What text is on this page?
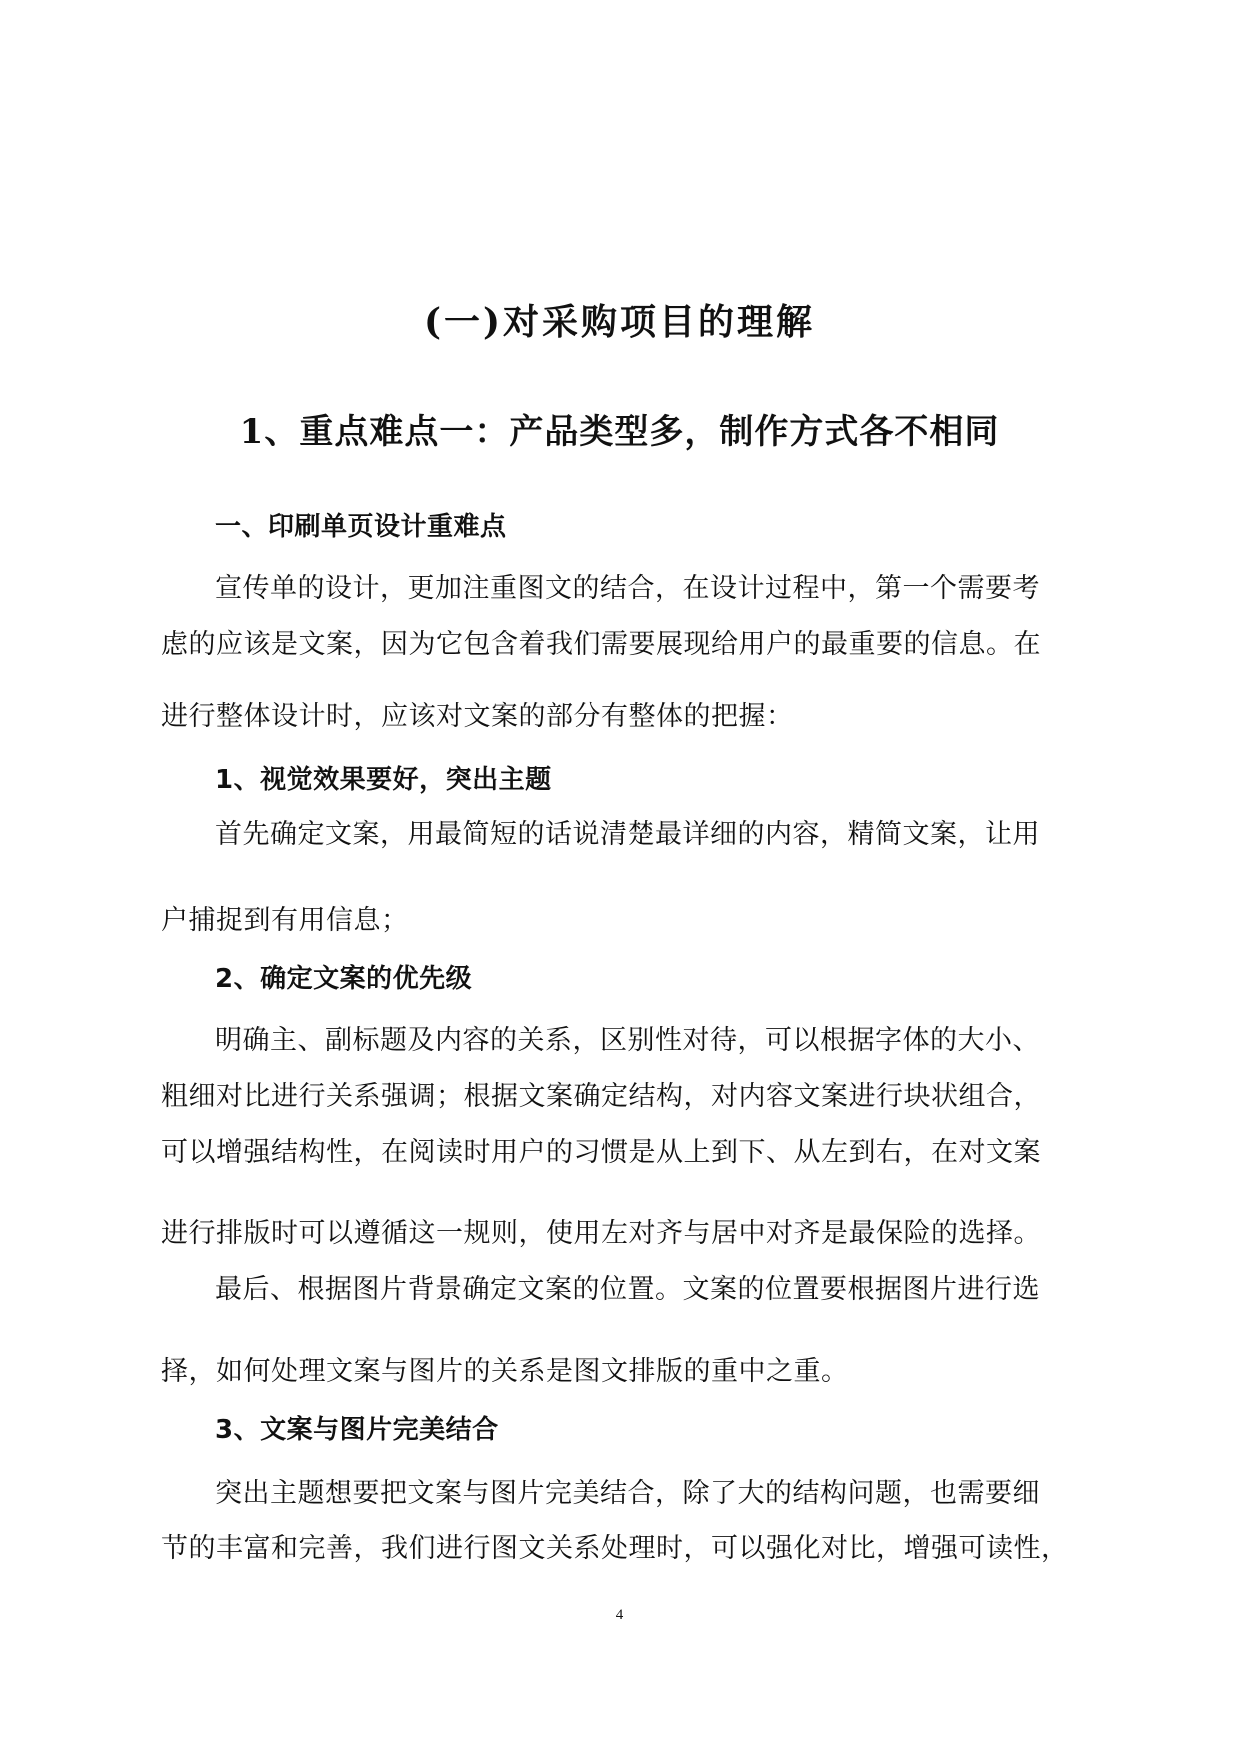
(一)对采购项目的理解
1、重点难点一：产品类型多，制作方式各不相同
一、印刷单页设计重难点
宣传单的设计，更加注重图文的结合，在设计过程中，第一个需要考
虑的应该是文案，因为它包含着我们需要展现给用户的最重要的信息。在
进行整体设计时，应该对文案的部分有整体的把握：
1、视觉效果要好，突出主题
首先确定文案，用最简短的话说清楚最详细的内容，精简文案，让用
户捕捉到有用信息；
2、确定文案的优先级
明确主、副标题及内容的关系，区别性对待，可以根据字体的大小、
粗细对比进行关系强调；根据文案确定结构，对内容文案进行块状组合，
可以增强结构性，在阅读时用户的习惯是从上到下、从左到右，在对文案
进行排版时可以遵循这一规则，使用左对齐与居中对齐是最保险的选择。
最后、根据图片背景确定文案的位置。文案的位置要根据图片进行选
择，如何处理文案与图片的关系是图文排版的重中之重。
3、文案与图片完美结合
突出主题想要把文案与图片完美结合，除了大的结构问题，也需要细
节的丰富和完善，我们进行图文关系处理时，可以强化对比，增强可读性，
4
